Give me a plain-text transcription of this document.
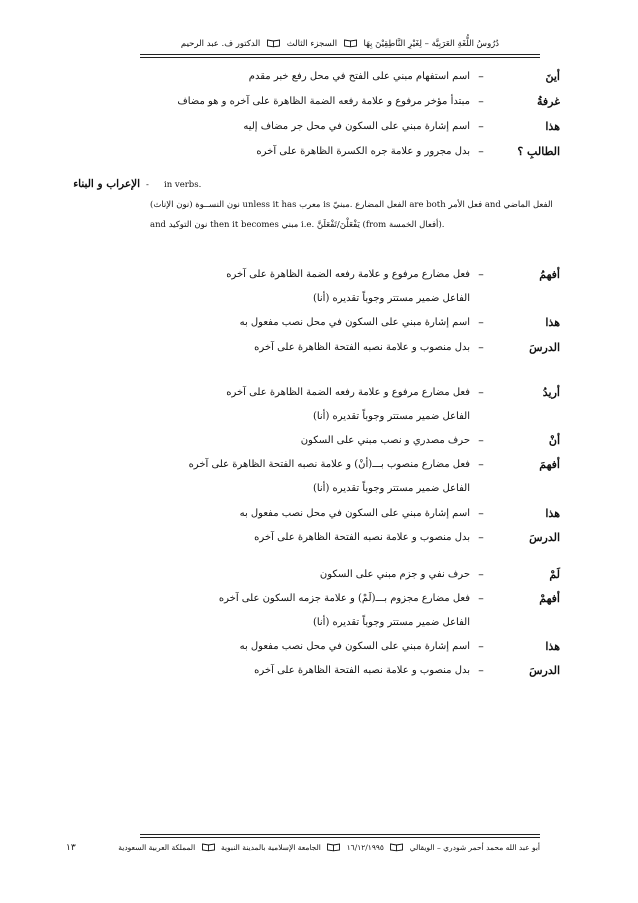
دُرُوسُ اللُّغَةِ العَرَبِيَّة – لِغَيْرِ النَّاطِقِيْنَ بِهَا
السجزء الثالث
الدكتور ف. عبد الرحيم
أينَ
–
اسم استفهام مبني على الفتح في محل رفع خبر مقدم
غرفةُ
–
مبتدأ مؤخر مرفوع و علامة رفعه الضمة الظاهرة على آخره و هو مضاف
هذا
–
اسم إشارة مبني على السكون في محل جر مضاف إليه
الطالبِ ؟
–
بدل مجرور و علامة جره الكسرة الظاهرة على آخره
الإعراب و البناء -	in verbs.
(نون الإناث) نون النســوة unless it has معرب is الفعل المضارع .مبنيّ are both فعل الأمر and الفعل الماضي
and نون التوكيد then it becomes مبني i.e. يَفْعَلْنَ/تَفْعَلَنَّ (from أفعال الخمسة).
أفهمُ
–
فعل مضارع مرفوع و علامة رفعه الضمة الظاهرة على آخره
الفاعل ضمير مستتر وجوباً تقديره (أنا)
هذا
–
اسم إشارة مبني على السكون في محل نصب مفعول به
الدرسَ
–
بدل منصوب و علامة نصبه الفتحة الظاهرة على آخره
أريدُ
–
فعل مضارع مرفوع و علامة رفعه الضمة الظاهرة على آخره
الفاعل ضمير مستتر وجوباً تقديره (أنا)
أنْ
–
حرف مصدري و نصب مبني على السكون
أفهمَ
–
فعل مضارع منصوب بـــ(أنْ) و علامة نصبه الفتحة الظاهرة على آخره
الفاعل ضمير مستتر وجوباً تقديره (أنا)
هذا
–
اسم إشارة مبني على السكون في محل نصب مفعول به
الدرسَ
–
بدل منصوب و علامة نصبه الفتحة الظاهرة على آخره
لَمْ
–
حرف نفي و جزم مبني على السكون
أفهمْ
–
فعل مضارع مجزوم بـــ(لَمْ) و علامة جزمه السكون على آخره
الفاعل ضمير مستتر وجوباً تقديره (أنا)
هذا
–
اسم إشارة مبني على السكون في محل نصب مفعول به
الدرسَ
–
بدل منصوب و علامة نصبه الفتحة الظاهرة على آخره
أبو عبد الله محمد أحمر شودري – الويقالي
١٦/١٢/١٩٩٥
الجامعة الإسلامية بالمدينة النبوية
المملكة العربية السعودية
١٣
